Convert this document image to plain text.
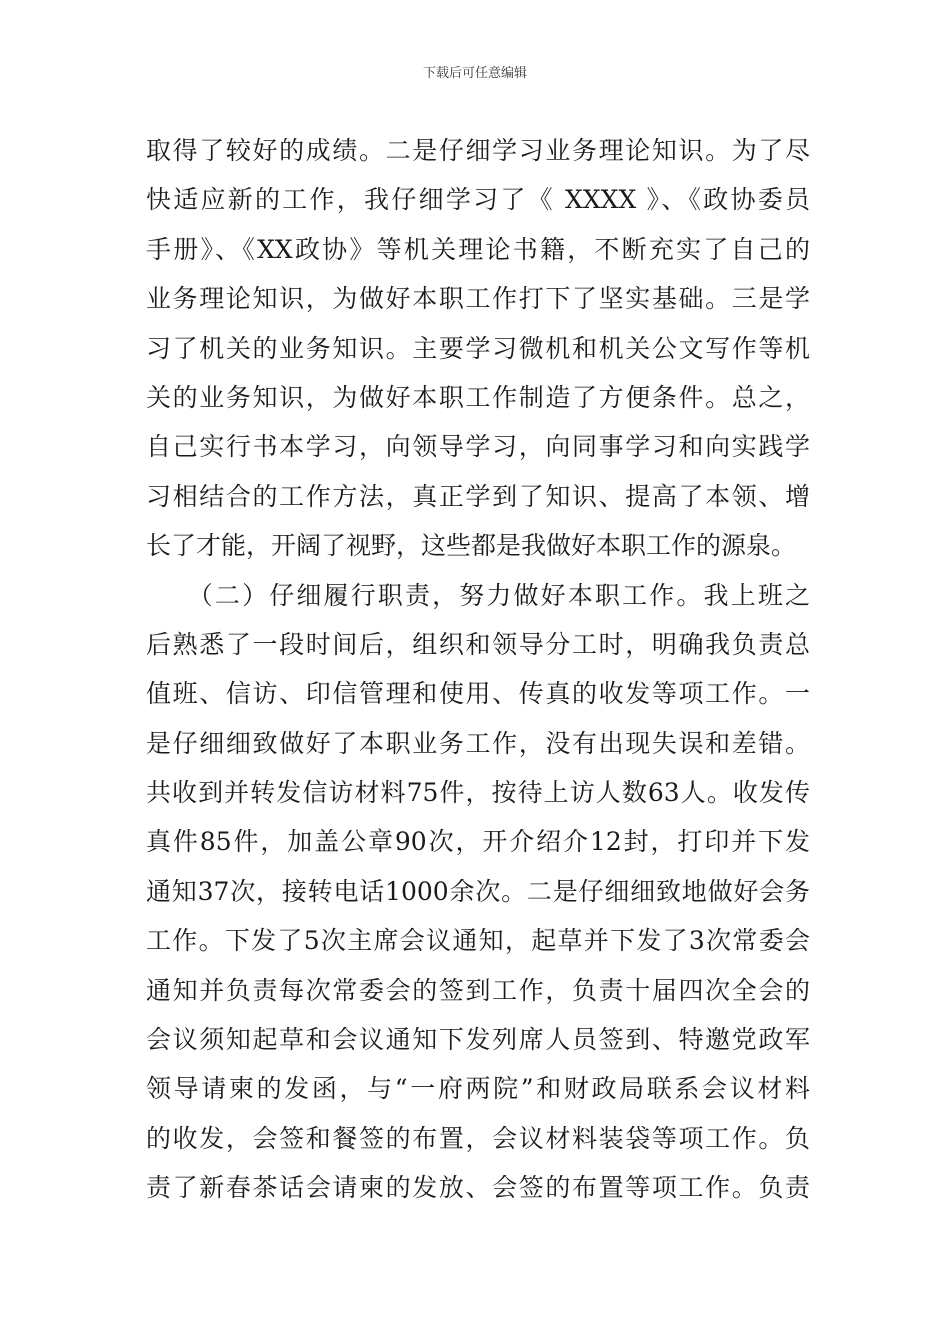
下载后可任意编辑
取得了较好的成绩。二是仔细学习业务理论知识。为了尽
快适应新的工作，我仔细学习了《 XXXX 》、《政协委员
手册》、《XX政协》等机关理论书籍，不断充实了自己的
业务理论知识，为做好本职工作打下了坚实基础。三是学
习了机关的业务知识。主要学习微机和机关公文写作等机
关的业务知识，为做好本职工作制造了方便条件。总之，
自己实行书本学习，向领导学习，向同事学习和向实践学
习相结合的工作方法，真正学到了知识、提高了本领、增
长了才能，开阔了视野，这些都是我做好本职工作的源泉。
　　（二）仔细履行职责，努力做好本职工作。我上班之
后熟悉了一段时间后，组织和领导分工时，明确我负责总
值班、信访、印信管理和使用、传真的收发等项工作。一
是仔细细致做好了本职业务工作，没有出现失误和差错。
共收到并转发信访材料75件，按待上访人数63人。收发传
真件85件，加盖公章90次，开介绍介12封，打印并下发
通知37次，接转电话1000余次。二是仔细细致地做好会务
工作。下发了5次主席会议通知，起草并下发了3次常委会
通知并负责每次常委会的签到工作，负责十届四次全会的
会议须知起草和会议通知下发列席人员签到、特邀党政军
领导请柬的发函，与“一府两院”和财政局联系会议材料
的收发，会签和餐签的布置，会议材料装袋等项工作。负
责了新春茶话会请柬的发放、会签的布置等项工作。负责
